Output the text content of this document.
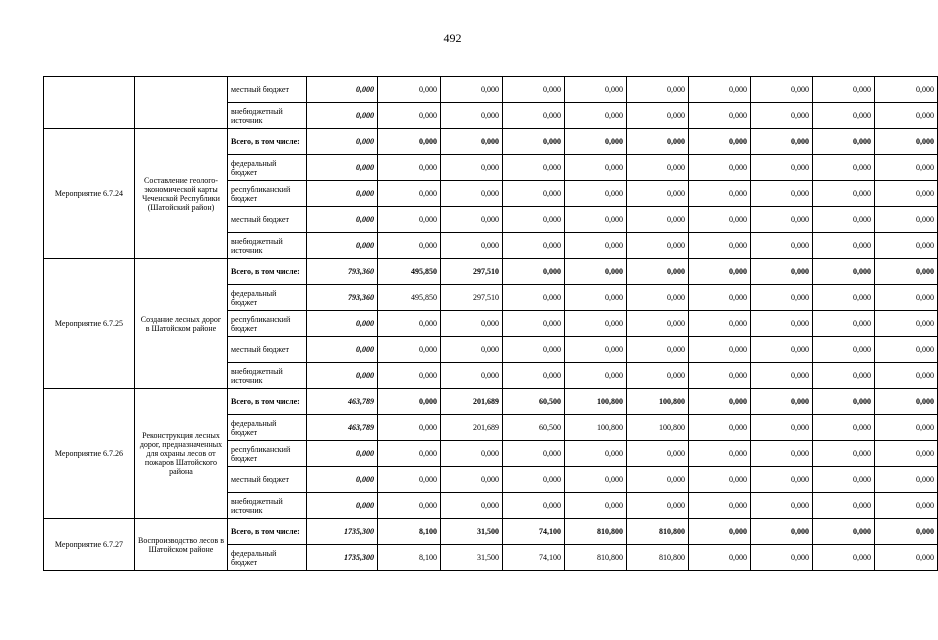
492
		местный бюджет	0,000	0,000	0,000	0,000	0,000	0,000	0,000	0,000	0,000	0,000
		внебюджетный источник	0,000	0,000	0,000	0,000	0,000	0,000	0,000	0,000	0,000	0,000
Мероприятие 6.7.24	Составление геолого-экономической карты Чеченской Республики (Шатойский район)	Всего, в том числе:	0,000	0,000	0,000	0,000	0,000	0,000	0,000	0,000	0,000	0,000
		федеральный бюджет	0,000	0,000	0,000	0,000	0,000	0,000	0,000	0,000	0,000	0,000
		республиканский бюджет	0,000	0,000	0,000	0,000	0,000	0,000	0,000	0,000	0,000	0,000
		местный бюджет	0,000	0,000	0,000	0,000	0,000	0,000	0,000	0,000	0,000	0,000
		внебюджетный источник	0,000	0,000	0,000	0,000	0,000	0,000	0,000	0,000	0,000	0,000
Мероприятие 6.7.25	Создание лесных дорог в Шатойском районе	Всего, в том числе:	793,360	495,850	297,510	0,000	0,000	0,000	0,000	0,000	0,000	0,000
		федеральный бюджет	793,360	495,850	297,510	0,000	0,000	0,000	0,000	0,000	0,000	0,000
		республиканский бюджет	0,000	0,000	0,000	0,000	0,000	0,000	0,000	0,000	0,000	0,000
		местный бюджет	0,000	0,000	0,000	0,000	0,000	0,000	0,000	0,000	0,000	0,000
		внебюджетный источник	0,000	0,000	0,000	0,000	0,000	0,000	0,000	0,000	0,000	0,000
Мероприятие 6.7.26	Реконструкция лесных дорог, предназначенных для охраны лесов от пожаров Шатойского района	Всего, в том числе:	463,789	0,000	201,689	60,500	100,800	100,800	0,000	0,000	0,000	0,000
		федеральный бюджет	463,789	0,000	201,689	60,500	100,800	100,800	0,000	0,000	0,000	0,000
		республиканский бюджет	0,000	0,000	0,000	0,000	0,000	0,000	0,000	0,000	0,000	0,000
		местный бюджет	0,000	0,000	0,000	0,000	0,000	0,000	0,000	0,000	0,000	0,000
		внебюджетный источник	0,000	0,000	0,000	0,000	0,000	0,000	0,000	0,000	0,000	0,000
Мероприятие 6.7.27	Воспроизводство лесов в Шатойском районе	Всего, в том числе:	1735,300	8,100	31,500	74,100	810,800	810,800	0,000	0,000	0,000	0,000
		федеральный бюджет	1735,300	8,100	31,500	74,100	810,800	810,800	0,000	0,000	0,000	0,000
